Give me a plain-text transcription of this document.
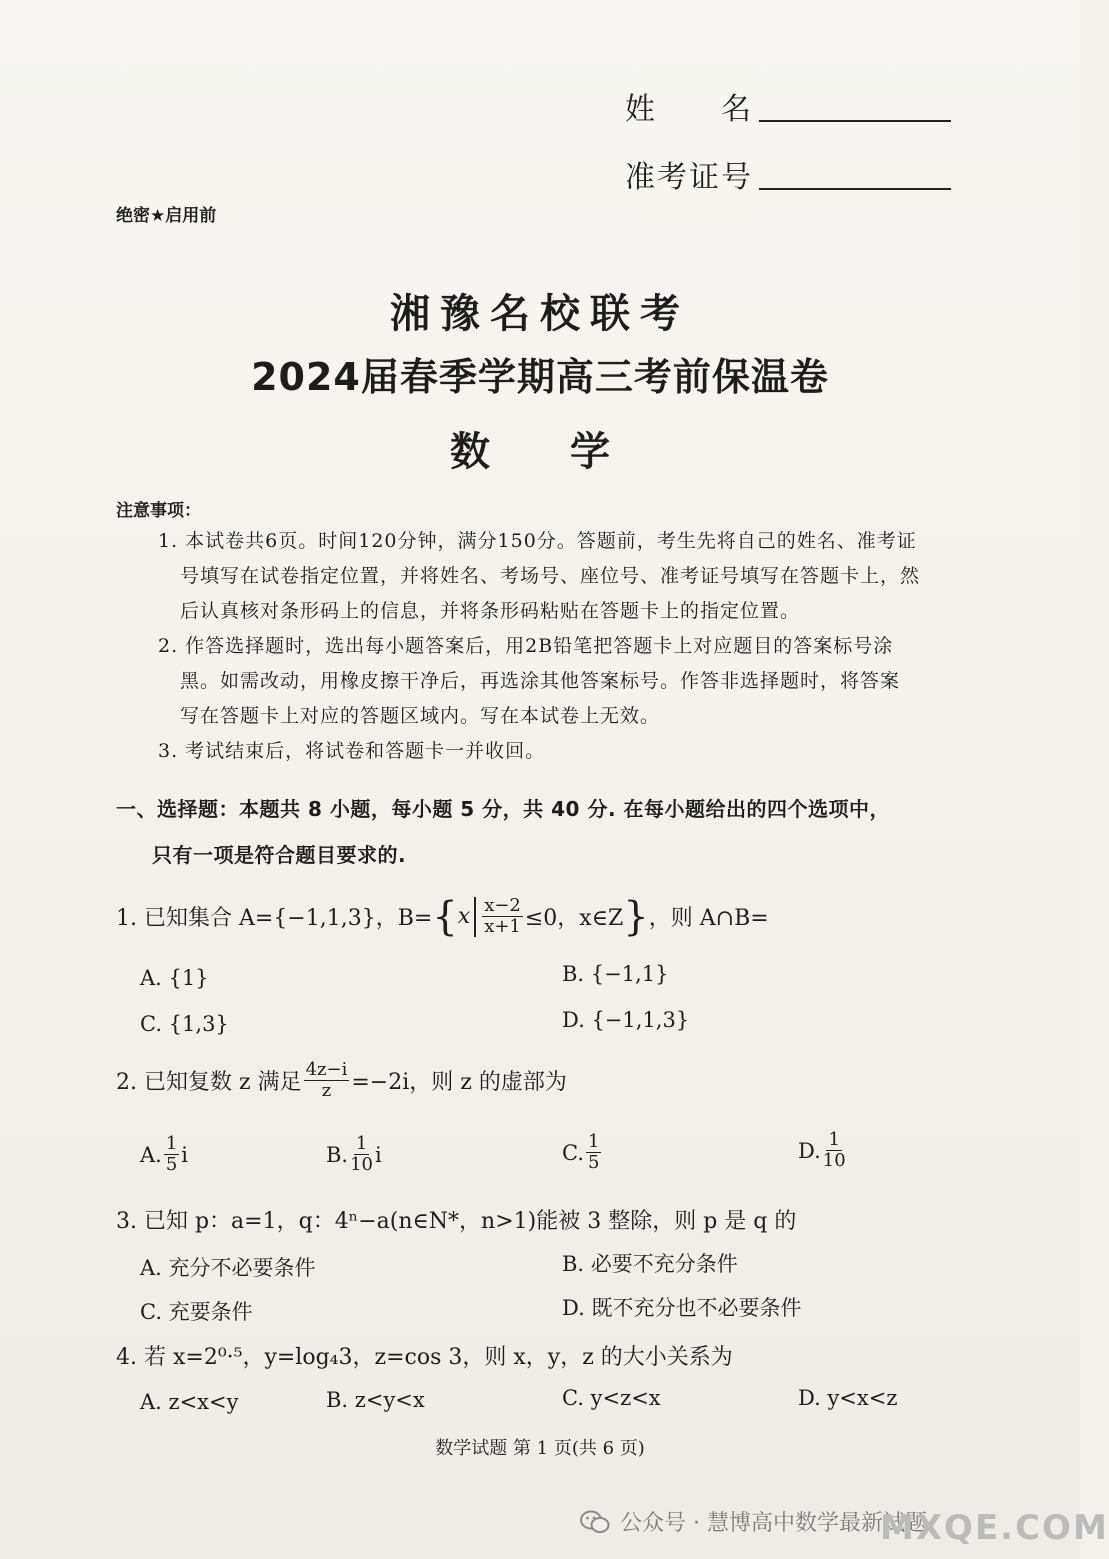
姓　　名
准考证号
绝密★启用前
湘豫名校联考
2024届春季学期高三考前保温卷
数学
注意事项：

1. 本试卷共6页。时间120分钟，满分150分。答题前，考生先将自己的姓名、准考证

号填写在试卷指定位置，并将姓名、考场号、座位号、准考证号填写在答题卡上，然

后认真核对条形码上的信息，并将条形码粘贴在答题卡上的指定位置。

2. 作答选择题时，选出每小题答案后，用2B铅笔把答题卡上对应题目的答案标号涂

黑。如需改动，用橡皮擦干净后，再选涂其他答案标号。作答非选择题时，将答案

写在答题卡上对应的答题区域内。写在本试卷上无效。

3. 考试结束后，将试卷和答题卡一并收回。

一、选择题：本题共 8 小题，每小题 5 分，共 40 分. 在每小题给出的四个选项中，
只有一项是符合题目要求的.
1. 已知集合 A={−1,1,3}，B= { x $\frac{x-2}{x+1} \le 0$，x∈Z } ，则 A∩B=
A. {1}	B. {−1,1}
C. {1,3}	D. {−1,1,3}
2. 已知复数 z 满足 $\frac{4z-i}{z} =-2i$，则 z 的虚部为
A. $\frac{1}{5}$ i	B. $\frac{1}{10}$ i	C. $\frac{1}{5}$	D. $\frac{1}{10}$
3. 已知 p：a=1，q：4ⁿ−a(n∈N*，n>1)能被 3 整除，则 p 是 q 的
A. 充分不必要条件	B. 必要不充分条件
C. 充要条件	D. 既不充分也不必要条件
4. 若 x=2⁰·⁵，y=log₄3，z=cos 3，则 x，y，z 的大小关系为
A. z<x<y	B. z<y<x	C. y<z<x	D. y<x<z
数学试题 第 1 页(共 6 页)
公众号 · 慧博高中数学最新试题
MXQE.COM
